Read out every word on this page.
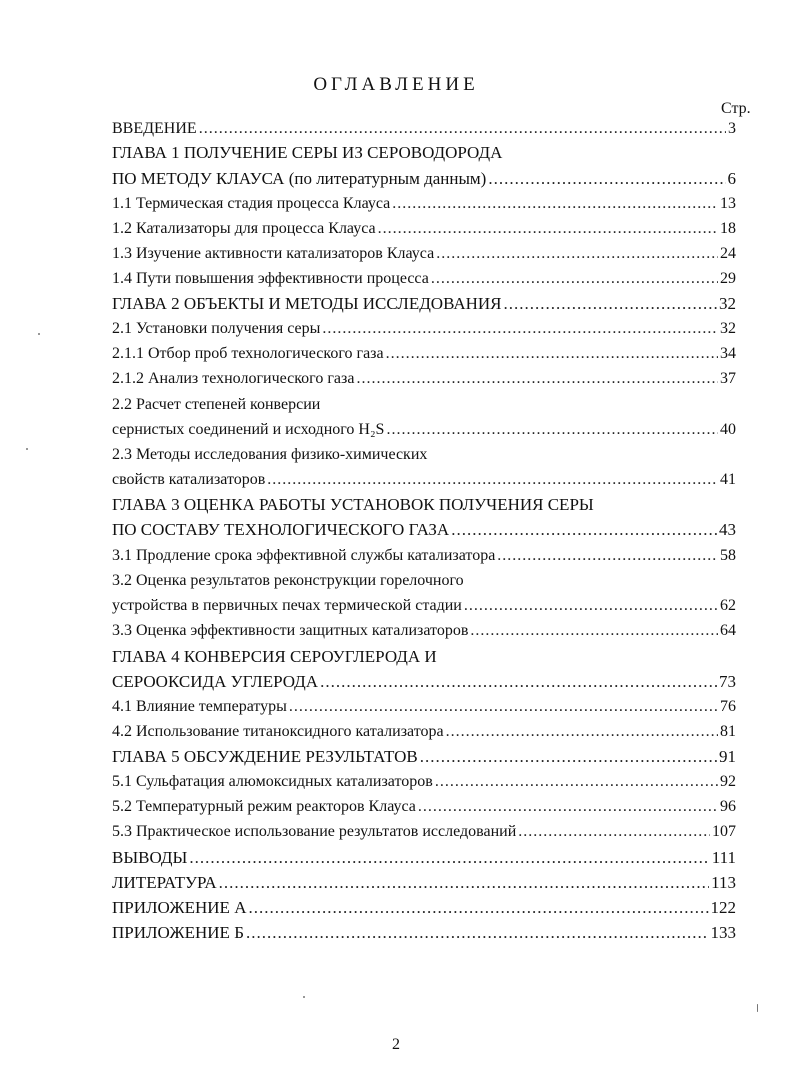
ОГЛАВЛЕНИЕ
Стр.
ВВЕДЕНИЕ .....	3
ГЛАВА 1 ПОЛУЧЕНИЕ СЕРЫ ИЗ СЕРОВОДОРОДА
ПО МЕТОДУ КЛАУСА (по литературным данным) .....	6
1.1 Термическая стадия процесса Клауса .....	13
1.2 Катализаторы для процесса Клауса .....	18
1.3 Изучение активности катализаторов Клауса .....	24
1.4 Пути повышения эффективности процесса .....	29
ГЛАВА 2 ОБЪЕКТЫ И МЕТОДЫ ИССЛЕДОВАНИЯ .....	32
2.1 Установки получения серы .....	32
2.1.1 Отбор проб технологического газа .....	34
2.1.2 Анализ технологического газа .....	37
2.2 Расчет степеней конверсии
сернистых соединений и исходного H₂S .....	40
2.3 Методы исследования физико-химических
свойств катализаторов .....	41
ГЛАВА 3 ОЦЕНКА РАБОТЫ УСТАНОВОК ПОЛУЧЕНИЯ СЕРЫ
ПО СОСТАВУ ТЕХНОЛОГИЧЕСКОГО ГАЗА .....	43
3.1 Продление срока эффективной службы катализатора .....	58
3.2 Оценка результатов реконструкции горелочного
устройства в первичных печах термической стадии .....	62
3.3 Оценка эффективности защитных катализаторов .....	64
ГЛАВА 4 КОНВЕРСИЯ СЕРОУГЛЕРОДА И
СЕРООКСИДА УГЛЕРОДА .....	73
4.1 Влияние температуры .....	76
4.2 Использование титаноксидного катализатора .....	81
ГЛАВА 5 ОБСУЖДЕНИЕ РЕЗУЛЬТАТОВ .....	91
5.1 Сульфатация алюмоксидных катализаторов .....	92
5.2 Температурный режим реакторов Клауса .....	96
5.3 Практическое использование результатов исследований .....	107
ВЫВОДЫ .....	111
ЛИТЕРАТУРА .....	113
ПРИЛОЖЕНИЕ А .....	122
ПРИЛОЖЕНИЕ Б .....	133
2
